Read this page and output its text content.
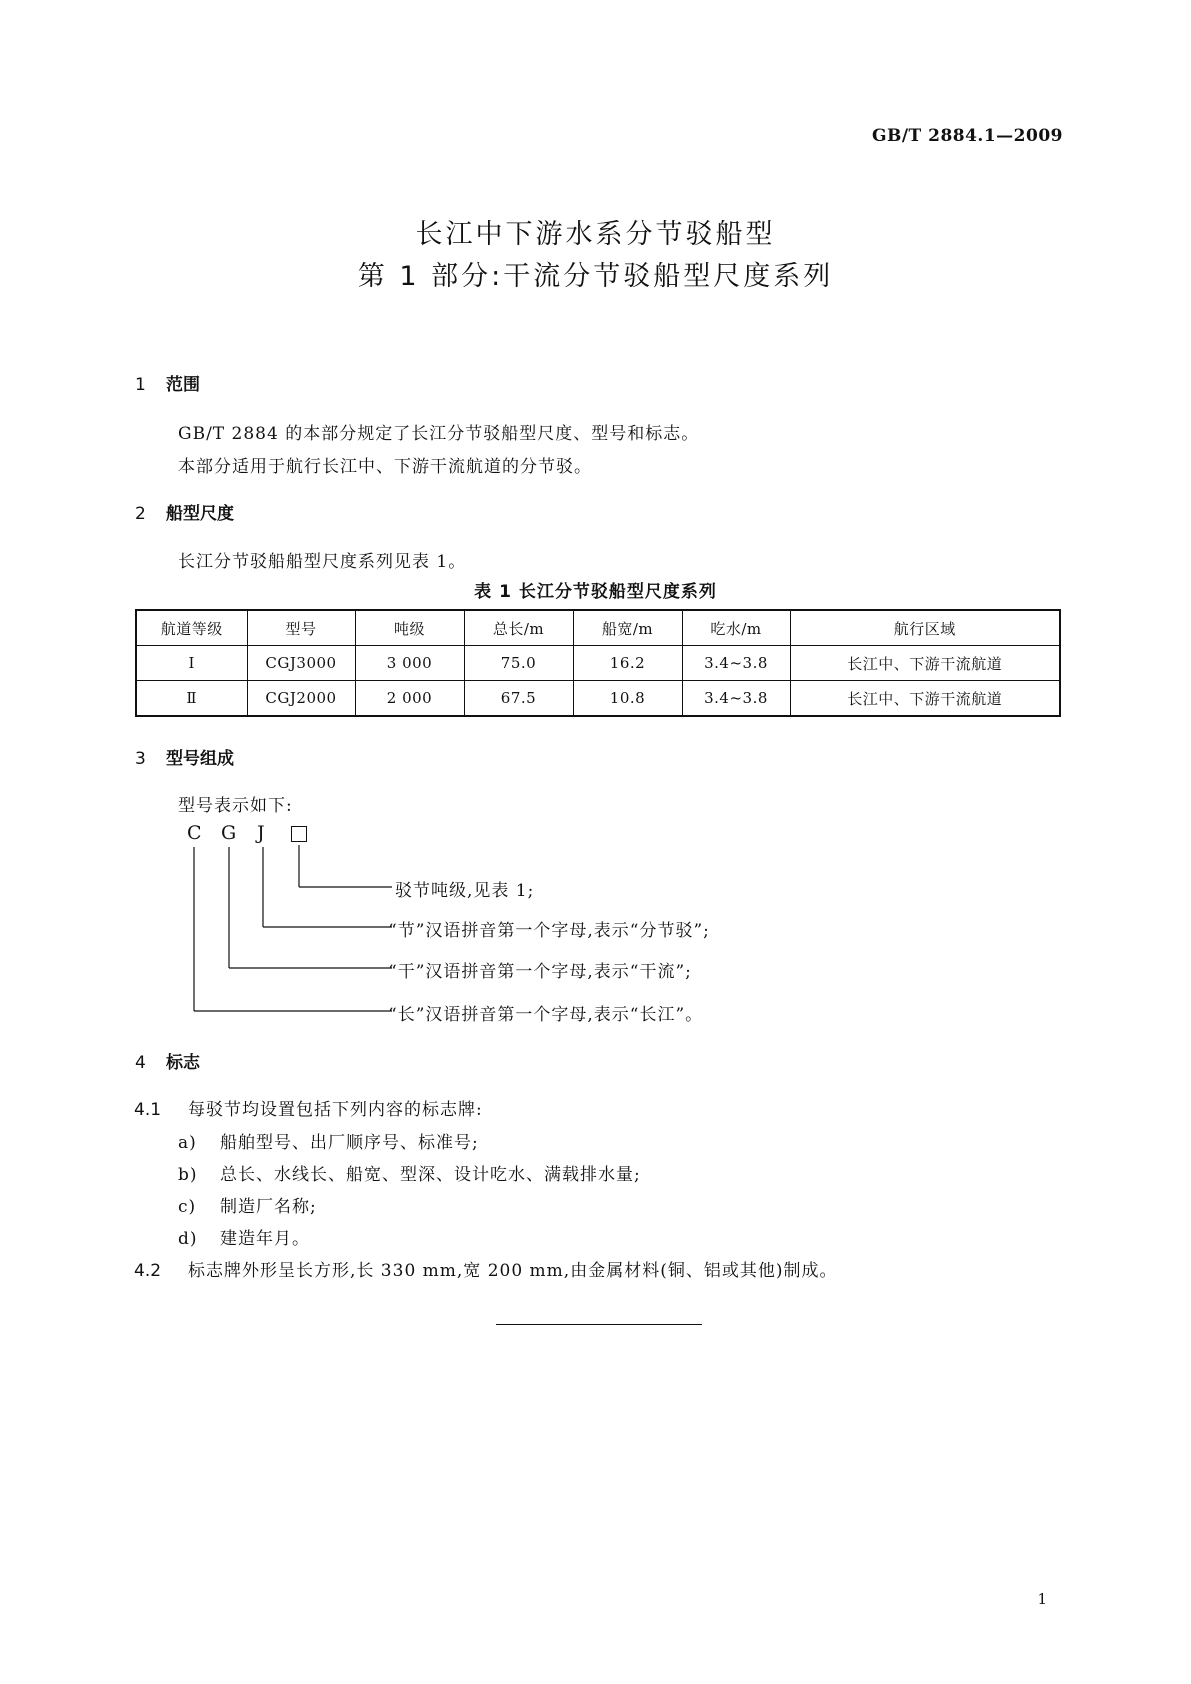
GB/T 2884.1—2009
长江中下游水系分节驳船型
第 1 部分:干流分节驳船型尺度系列
1 范围
GB/T 2884 的本部分规定了长江分节驳船型尺度、型号和标志。
本部分适用于航行长江中、下游干流航道的分节驳。
2 船型尺度
长江分节驳船船型尺度系列见表 1。
表 1 长江分节驳船型尺度系列
航道等级	型号	吨级	总长/m	船宽/m	吃水/m	航行区域
Ⅰ	CGJ3000	3 000	75.0	16.2	3.4~3.8	长江中、下游干流航道
Ⅱ	CGJ2000	2 000	67.5	10.8	3.4~3.8	长江中、下游干流航道
3 型号组成
型号表示如下:
C G J
驳节吨级,见表 1;
“节”汉语拼音第一个字母,表示“分节驳”;
“干”汉语拼音第一个字母,表示“干流”;
“长”汉语拼音第一个字母,表示“长江”。
4 标志
4.1 每驳节均设置包括下列内容的标志牌:
a) 船舶型号、出厂顺序号、标准号;
b) 总长、水线长、船宽、型深、设计吃水、满载排水量;
c) 制造厂名称;
d) 建造年月。
4.2 标志牌外形呈长方形,长 330 mm,宽 200 mm,由金属材料(铜、铝或其他)制成。
1
